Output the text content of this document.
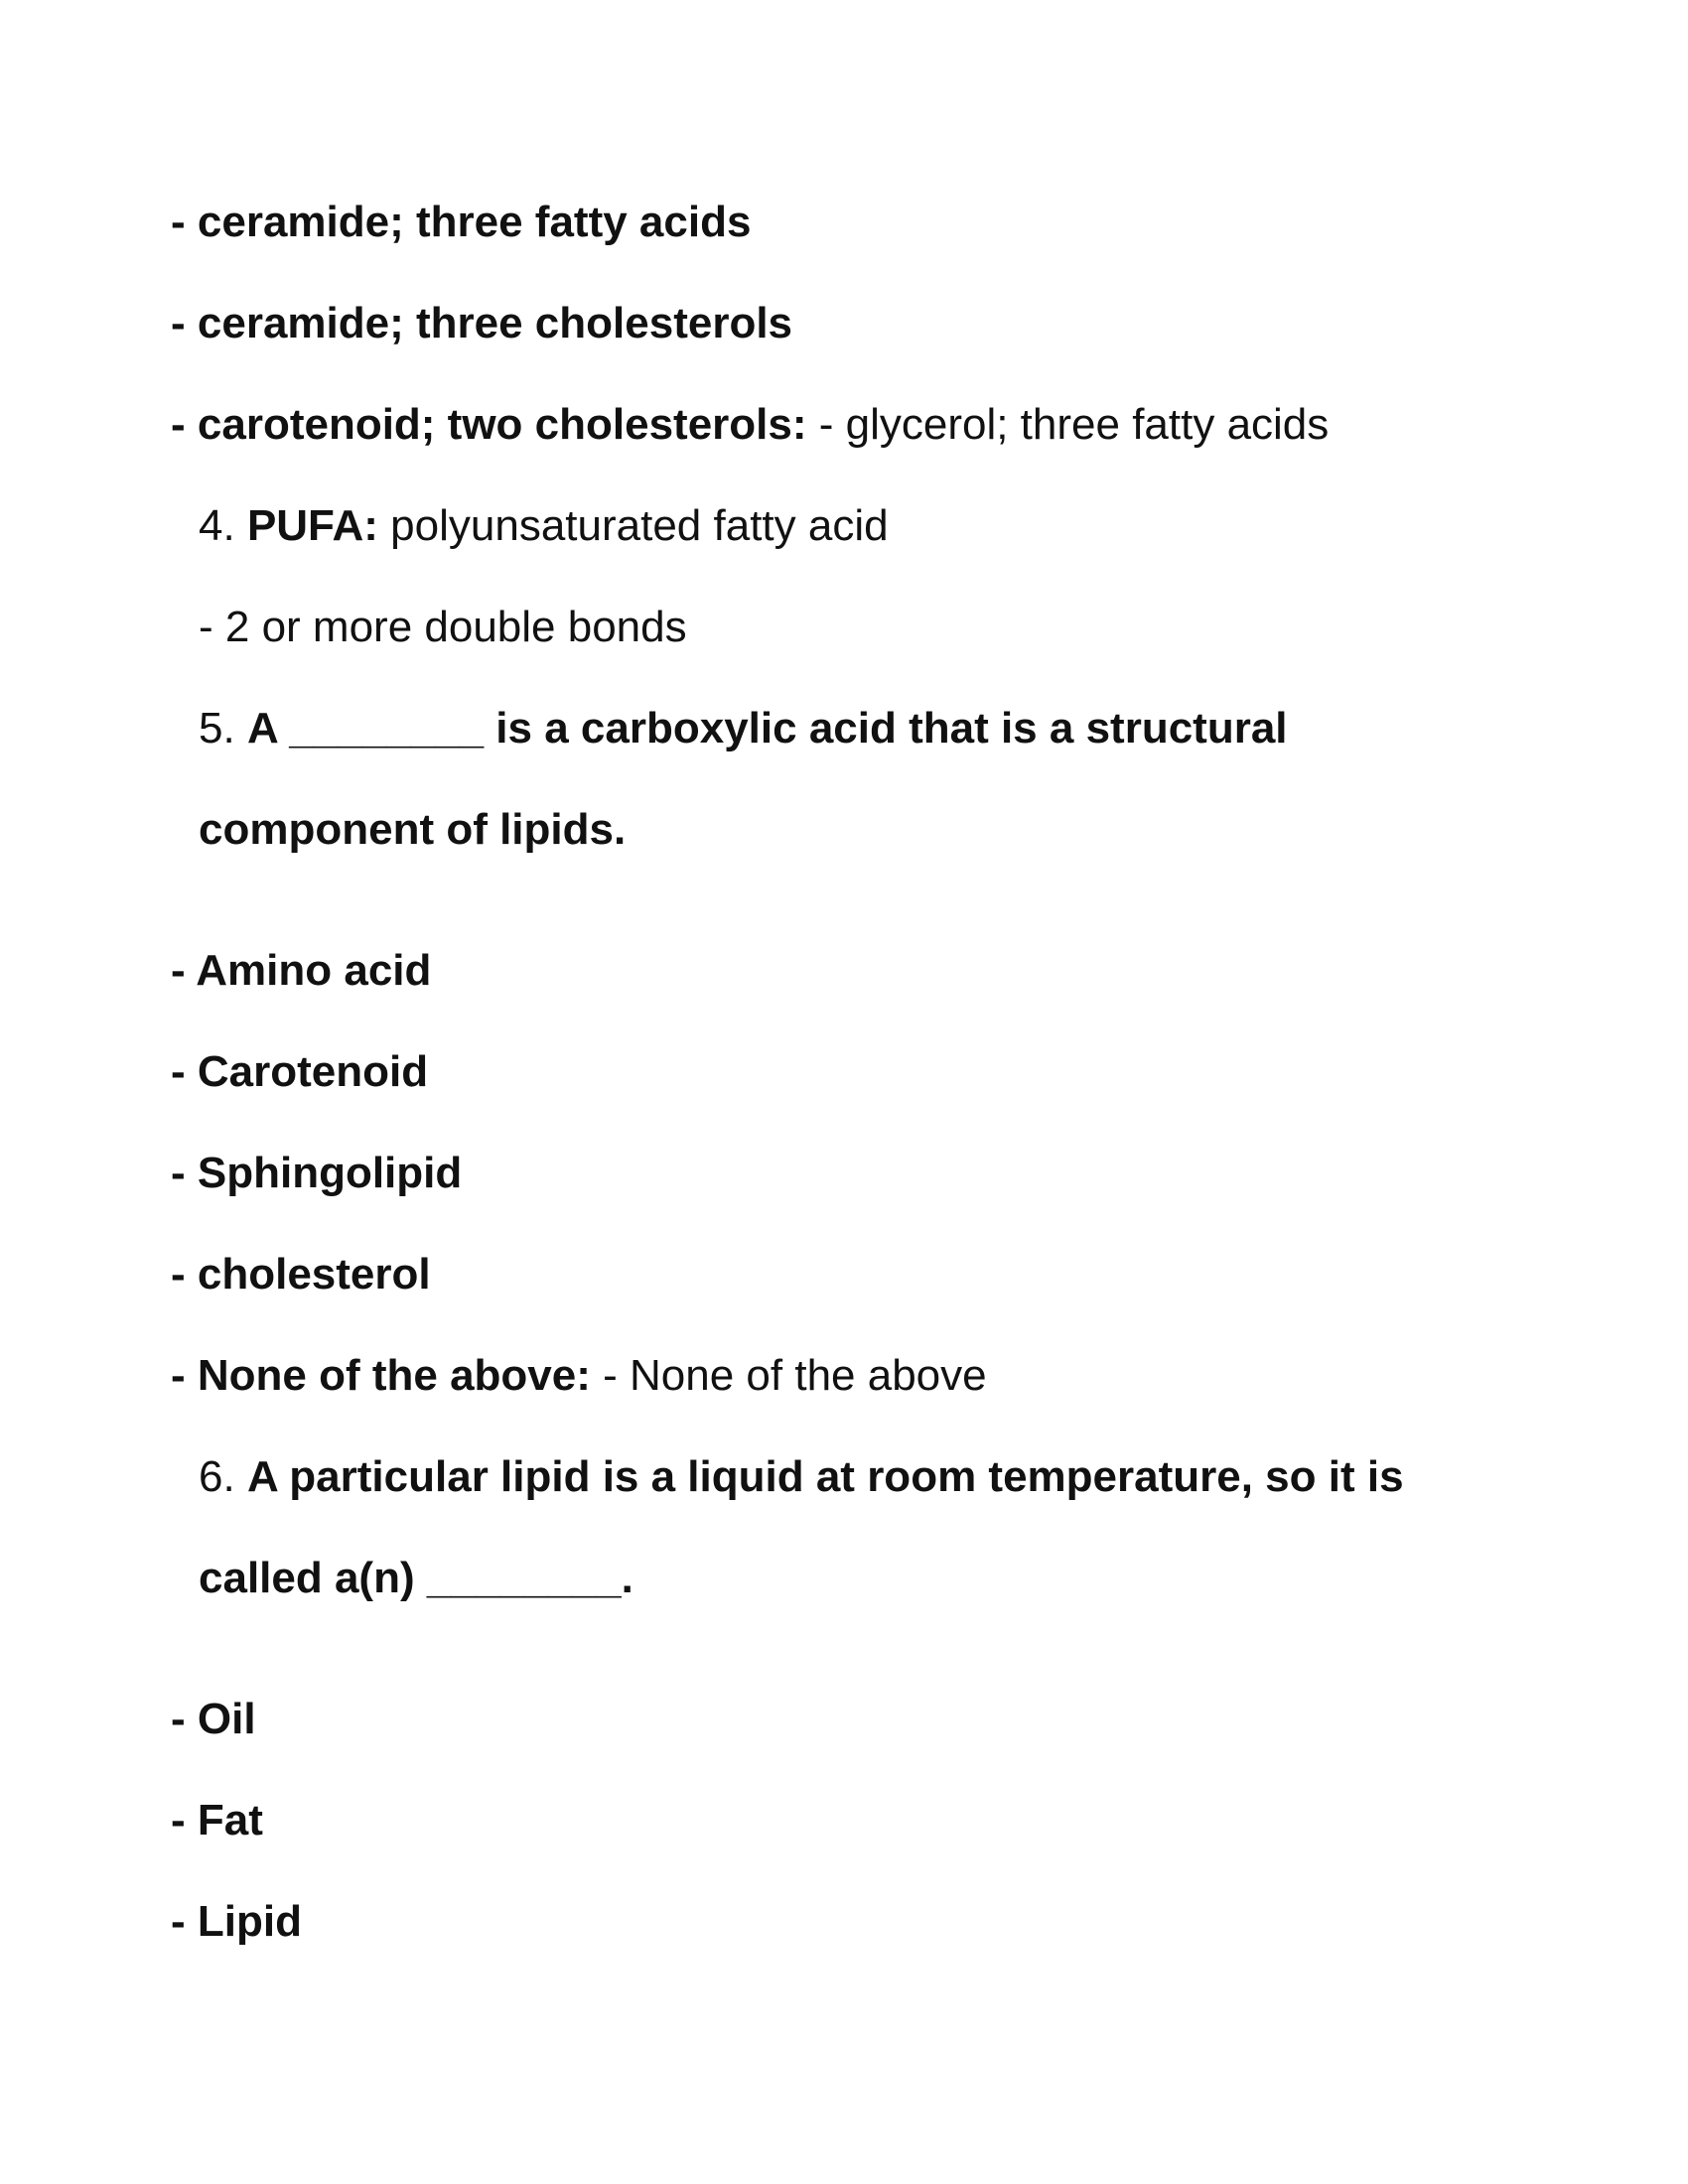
- ceramide; three fatty acids
- ceramide; three cholesterols
- carotenoid; two cholesterols: - glycerol; three fatty acids
4. PUFA: polyunsaturated fatty acid
- 2 or more double bonds
5. A ________ is a carboxylic acid that is a structural
component of lipids.
- Amino acid
- Carotenoid
- Sphingolipid
- cholesterol
- None of the above: - None of the above
6. A particular lipid is a liquid at room temperature, so it is
called a(n) ________.
- Oil
- Fat
- Lipid
